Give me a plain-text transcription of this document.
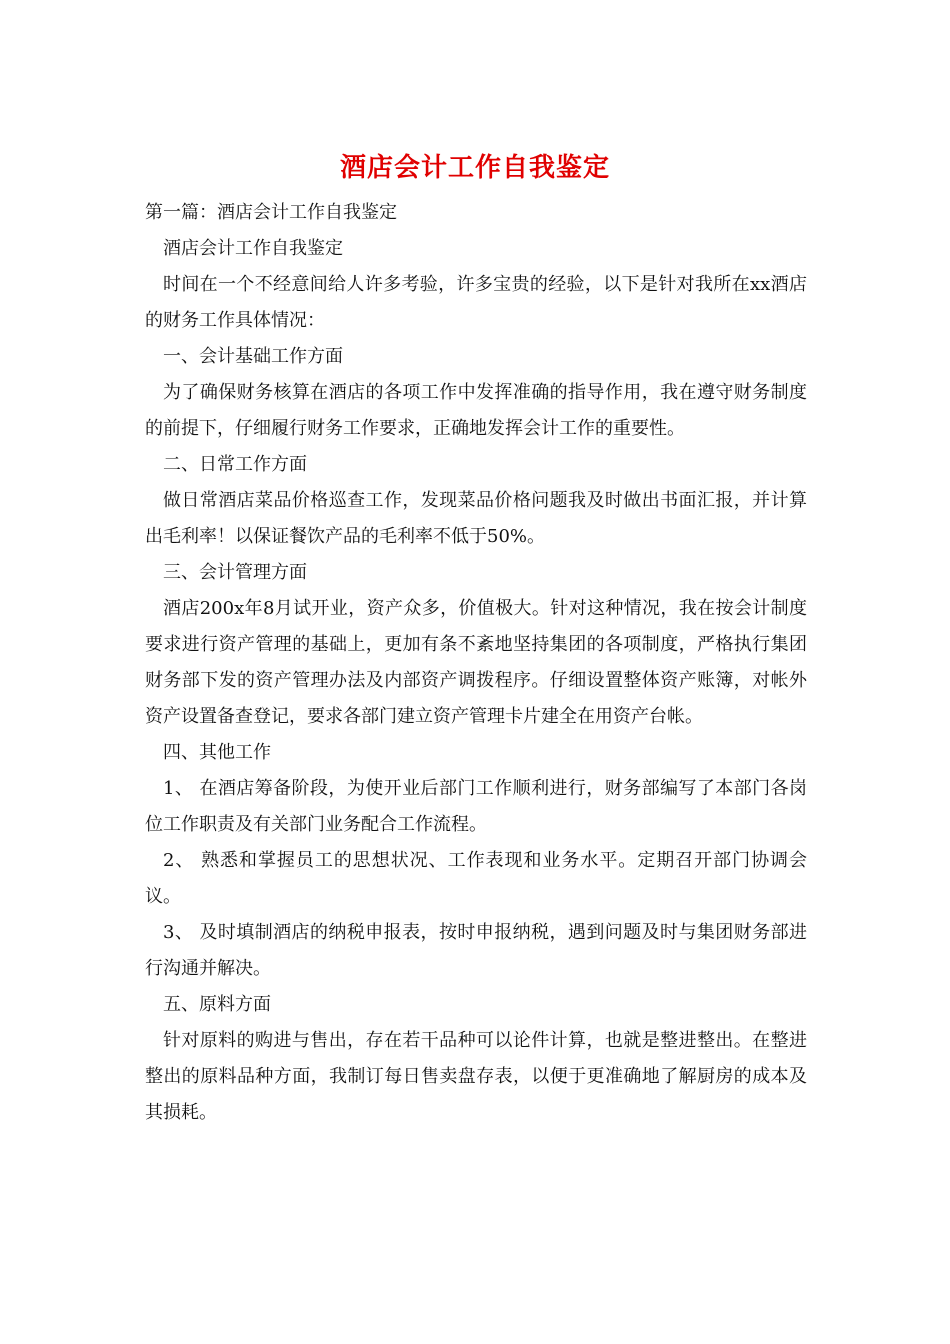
酒店会计工作自我鉴定

第一篇：酒店会计工作自我鉴定

酒店会计工作自我鉴定

时间在一个不经意间给人许多考验，许多宝贵的经验，以下是针对我所在xx酒店的财务工作具体情况：

一、会计基础工作方面

为了确保财务核算在酒店的各项工作中发挥准确的指导作用，我在遵守财务制度的前提下，仔细履行财务工作要求，正确地发挥会计工作的重要性。

二、日常工作方面

做日常酒店菜品价格巡查工作，发现菜品价格问题我及时做出书面汇报，并计算出毛利率！以保证餐饮产品的毛利率不低于50%。

三、会计管理方面

酒店200x年8月试开业，资产众多，价值极大。针对这种情况，我在按会计制度要求进行资产管理的基础上，更加有条不紊地坚持集团的各项制度，严格执行集团财务部下发的资产管理办法及内部资产调拨程序。仔细设置整体资产账簿，对帐外资产设置备查登记，要求各部门建立资产管理卡片建全在用资产台帐。

四、其他工作

1、 在酒店筹备阶段，为使开业后部门工作顺利进行，财务部编写了本部门各岗位工作职责及有关部门业务配合工作流程。

2、 熟悉和掌握员工的思想状况、工作表现和业务水平。定期召开部门协调会议。

3、 及时填制酒店的纳税申报表，按时申报纳税，遇到问题及时与集团财务部进行沟通并解决。

五、原料方面

针对原料的购进与售出，存在若干品种可以论件计算，也就是整进整出。在整进整出的原料品种方面，我制订每日售卖盘存表，以便于更准确地了解厨房的成本及其损耗。
